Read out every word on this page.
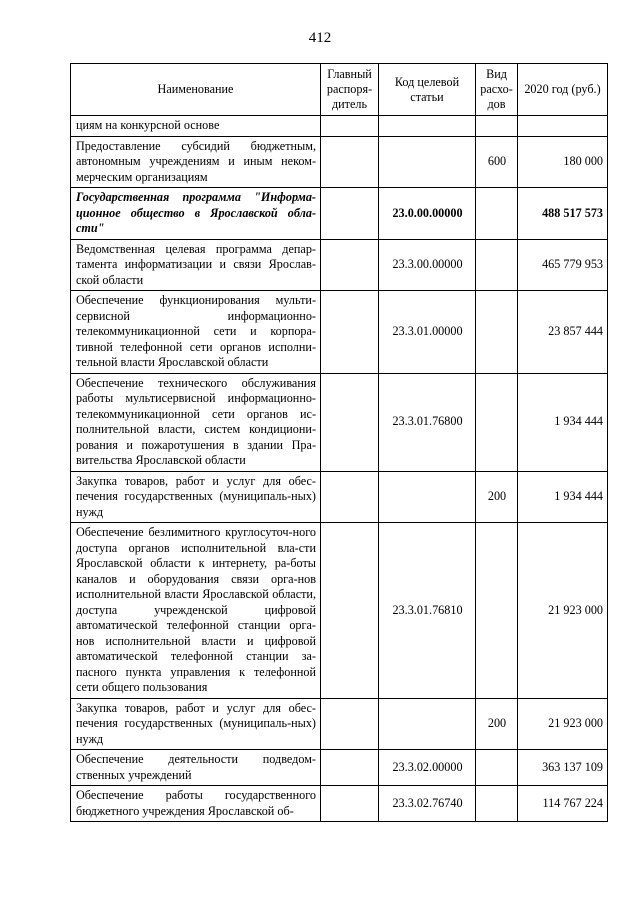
412
Наименование	Главный распоря-дитель	Код целевой статьи	Вид расхо-дов	2020 год (руб.)
циям на конкурсной основе				
Предоставление субсидий бюджетным, автономным учреждениям и иным неком-мерческим организациям			600	180 000
Государственная программа "Информа-ционное общество в Ярославской обла-сти"		23.0.00.00000		488 517 573
Ведомственная целевая программа депар-тамента информатизации и связи Ярослав-ской области		23.3.00.00000		465 779 953
Обеспечение функционирования мульти-сервисной информационно-телекоммуникационной сети и корпора-тивной телефонной сети органов исполни-тельной власти Ярославской области		23.3.01.00000		23 857 444
Обеспечение технического обслуживания работы мультисервисной информационно-телекоммуникационной сети органов ис-полнительной власти, систем кондициони-рования и пожаротушения в здании Пра-вительства Ярославской области		23.3.01.76800		1 934 444
Закупка товаров, работ и услуг для обес-печения государственных (муниципаль-ных) нужд			200	1 934 444
Обеспечение безлимитного круглосуточ-ного доступа органов исполнительной вла-сти Ярославской области к интернету, ра-боты каналов и оборудования связи орга-нов исполнительной власти Ярославской области, доступа учрежденской цифровой автоматической телефонной станции орга-нов исполнительной власти и цифровой автоматической телефонной станции за-пасного пункта управления к телефонной сети общего пользования		23.3.01.76810		21 923 000
Закупка товаров, работ и услуг для обес-печения государственных (муниципаль-ных) нужд			200	21 923 000
Обеспечение деятельности подведом-ственных учреждений		23.3.02.00000		363 137 109
Обеспечение работы государственного бюджетного учреждения Ярославской об-		23.3.02.76740		114 767 224
